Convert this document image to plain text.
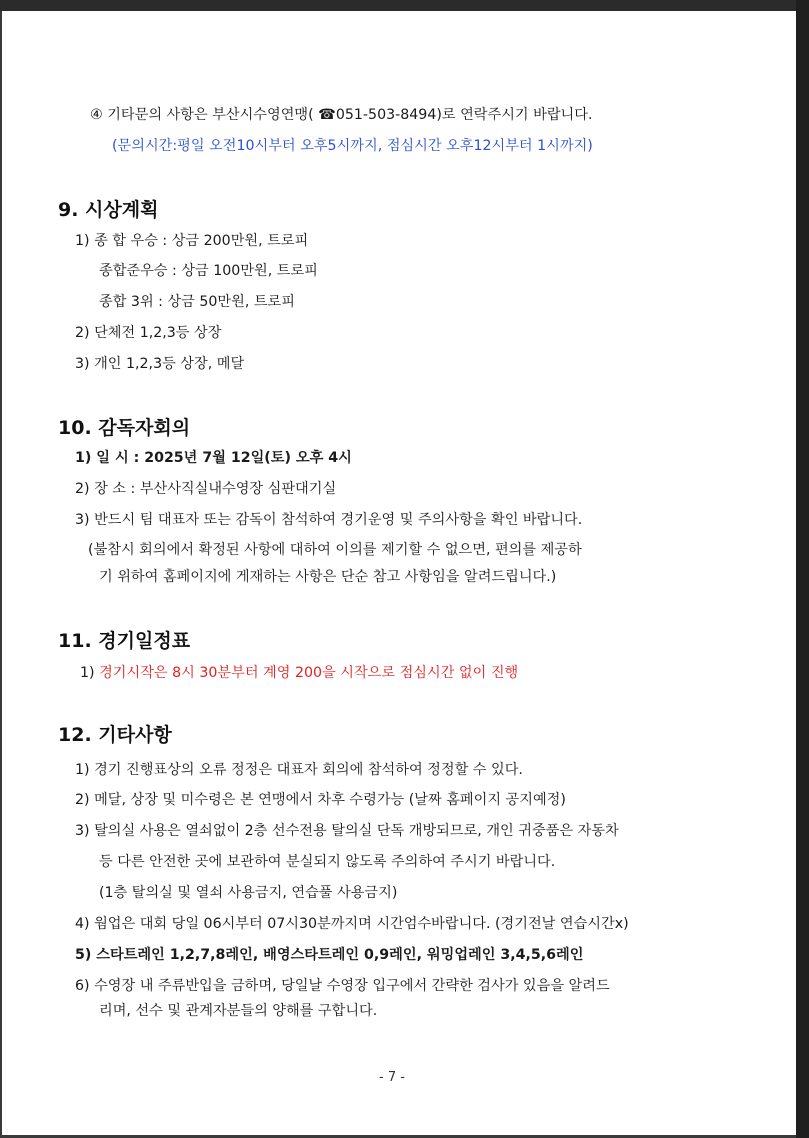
④ 기타문의 사항은 부산시수영연맹( ☎051-503-8494)로 연락주시기 바랍니다.
(문의시간:평일 오전10시부터 오후5시까지, 점심시간 오후12시부터 1시까지)
9. 시상계획
1) 종 합 우승 : 상금 200만원, 트로피
종합준우승 : 상금 100만원, 트로피
종합 3위 : 상금 50만원, 트로피
2) 단체전 1,2,3등 상장
3) 개인 1,2,3등 상장, 메달
10. 감독자회의
1) 일 시 : 2025년 7월 12일(토) 오후 4시
2) 장 소 : 부산사직실내수영장 심판대기실
3) 반드시 팀 대표자 또는 감독이 참석하여 경기운영 및 주의사항을 확인 바랍니다.
(불참시 회의에서 확정된 사항에 대하여 이의를 제기할 수 없으면, 편의를 제공하
기 위하여 홈페이지에 게재하는 사항은 단순 참고 사항임을 알려드립니다.)
11. 경기일정표
1) 경기시작은 8시 30분부터 계영 200을 시작으로 점심시간 없이 진행
12. 기타사항
1) 경기 진행표상의 오류 정정은 대표자 회의에 참석하여 정정할 수 있다.
2) 메달, 상장 및 미수령은 본 연맹에서 차후 수령가능 (날짜 홈페이지 공지예정)
3) 탈의실 사용은 열쇠없이 2층 선수전용 탈의실 단독 개방되므로, 개인 귀중품은 자동차
등 다른 안전한 곳에 보관하여 분실되지 않도록 주의하여 주시기 바랍니다.
(1층 탈의실 및 열쇠 사용금지, 연습풀 사용금지)
4) 웜업은 대회 당일 06시부터 07시30분까지며 시간엄수바랍니다. (경기전날 연습시간x)
5) 스타트레인 1,2,7,8레인, 배영스타트레인 0,9레인, 워밍업레인 3,4,5,6레인
6) 수영장 내 주류반입을 금하며, 당일날 수영장 입구에서 간략한 검사가 있음을 알려드
리며, 선수 및 관계자분들의 양해를 구합니다.
- 7 -
